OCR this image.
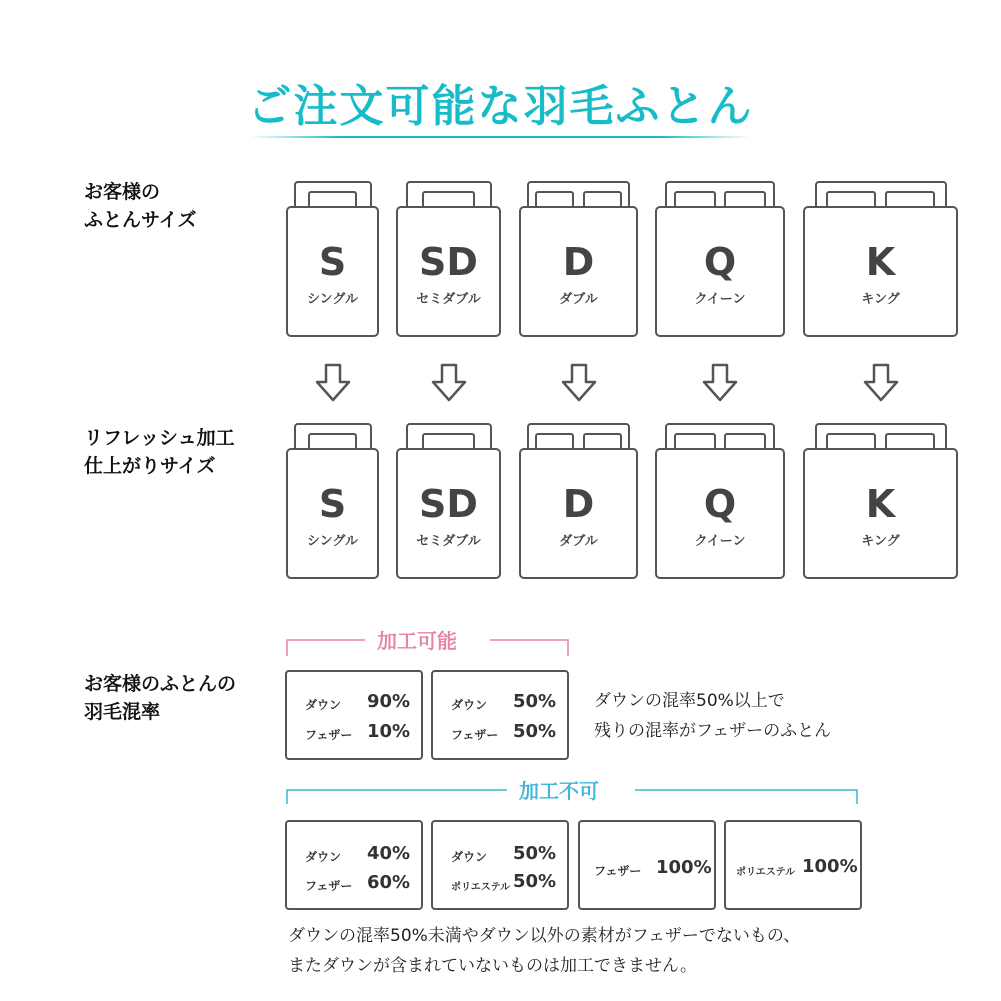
ご注文可能な羽毛ふとん
お客様の
ふとんサイズ
リフレッシュ加工
仕上がりサイズ
お客様のふとんの
羽毛混率
S
シングル
SD
セミダブル
D
ダブル
Q
クイーン
K
キング
S
シングル
SD
セミダブル
D
ダブル
Q
クイーン
K
キング
加工可能
ダウン 90%
フェザー 10%
ダウン 50%
フェザー 50%
ダウンの混率50%以上で
残りの混率がフェザーのふとん
加工不可
ダウン 40%
フェザー 60%
ダウン 50%
ポリエステル 50%	フェザー 100% ポリエステル 100%
ダウンの混率50%未満やダウン以外の素材がフェザーでないもの、
またダウンが含まれていないものは加工できません。
